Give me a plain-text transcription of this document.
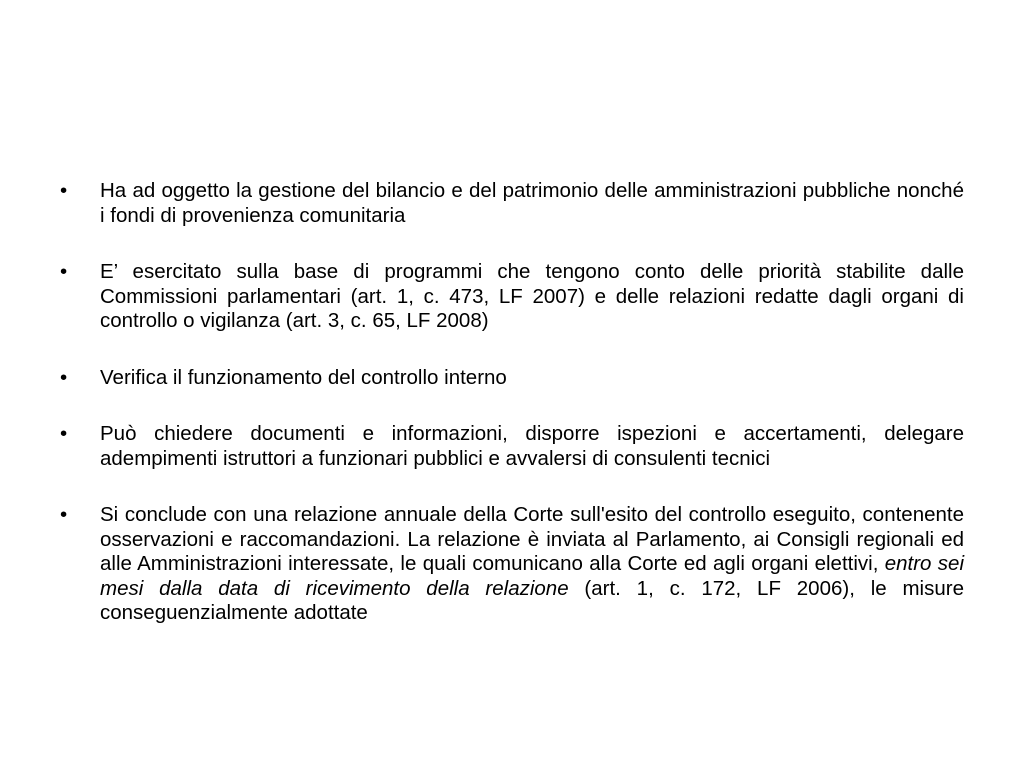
•	Ha ad oggetto la gestione del bilancio e del patrimonio delle amministrazioni pubbliche nonché i fondi di provenienza comunitaria
•	E’ esercitato sulla base di programmi che tengono conto delle priorità stabilite dalle Commissioni parlamentari (art. 1, c. 473, LF 2007) e delle relazioni redatte dagli organi di controllo o vigilanza (art. 3, c. 65, LF 2008)
•	Verifica il funzionamento del controllo interno
•	Può chiedere documenti e informazioni, disporre ispezioni e accertamenti, delegare adempimenti istruttori a funzionari pubblici e avvalersi di consulenti tecnici
•	Si conclude con una relazione annuale della Corte sull'esito del controllo eseguito, contenente osservazioni e raccomandazioni. La relazione è inviata al Parlamento, ai Consigli regionali ed alle Amministrazioni interessate, le quali comunicano alla Corte ed agli organi elettivi, entro sei mesi dalla data di ricevimento della relazione (art. 1, c. 172, LF 2006), le misure conseguenzialmente adottate
